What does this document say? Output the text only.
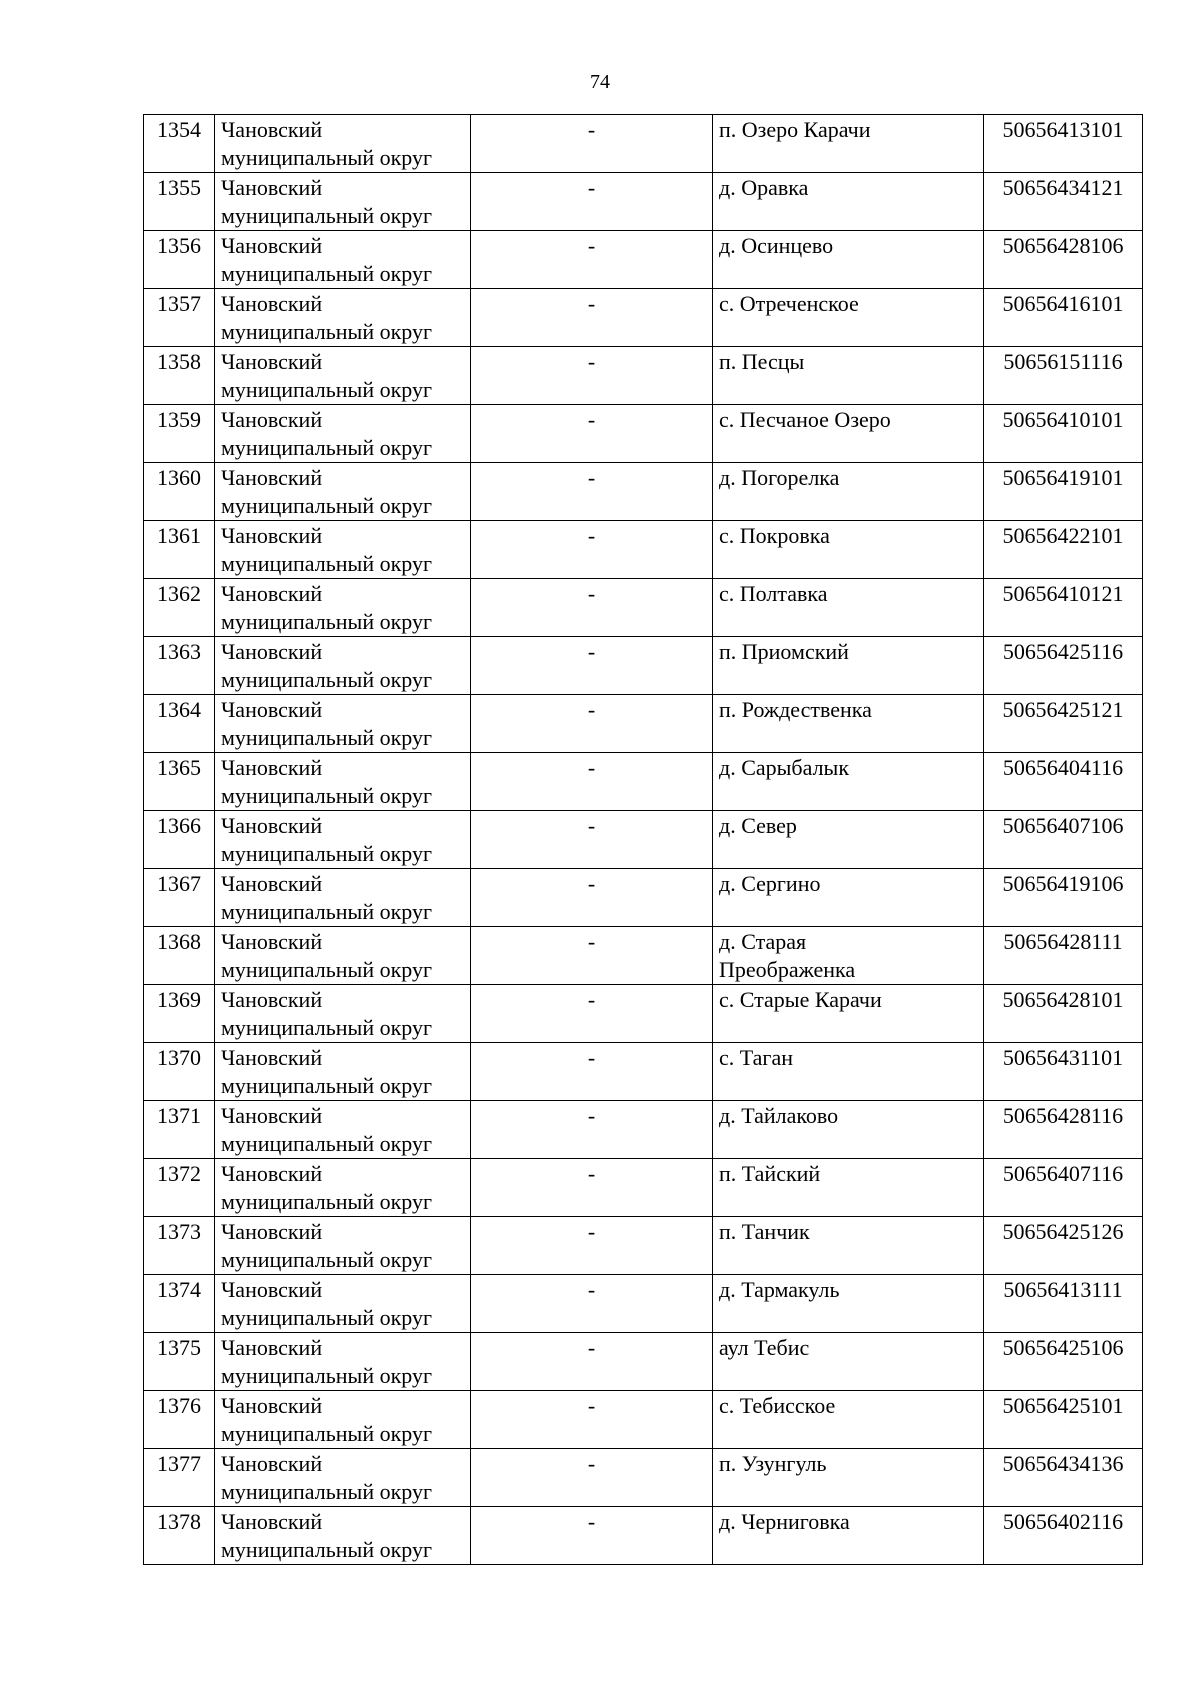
74
1354	Чановский
муниципальный округ	-	п. Озеро Карачи	50656413101
1355	Чановский
муниципальный округ	-	д. Оравка	50656434121
1356	Чановский
муниципальный округ	-	д. Осинцево	50656428106
1357	Чановский
муниципальный округ	-	с. Отреченское	50656416101
1358	Чановский
муниципальный округ	-	п. Песцы	50656151116
1359	Чановский
муниципальный округ	-	с. Песчаное Озеро	50656410101
1360	Чановский
муниципальный округ	-	д. Погорелка	50656419101
1361	Чановский
муниципальный округ	-	с. Покровка	50656422101
1362	Чановский
муниципальный округ	-	с. Полтавка	50656410121
1363	Чановский
муниципальный округ	-	п. Приомский	50656425116
1364	Чановский
муниципальный округ	-	п. Рождественка	50656425121
1365	Чановский
муниципальный округ	-	д. Сарыбалык	50656404116
1366	Чановский
муниципальный округ	-	д. Север	50656407106
1367	Чановский
муниципальный округ	-	д. Сергино	50656419106
1368	Чановский
муниципальный округ	-	д. Старая
Преображенка	50656428111
1369	Чановский
муниципальный округ	-	с. Старые Карачи	50656428101
1370	Чановский
муниципальный округ	-	с. Таган	50656431101
1371	Чановский
муниципальный округ	-	д. Тайлаково	50656428116
1372	Чановский
муниципальный округ	-	п. Тайский	50656407116
1373	Чановский
муниципальный округ	-	п. Танчик	50656425126
1374	Чановский
муниципальный округ	-	д. Тармакуль	50656413111
1375	Чановский
муниципальный округ	-	аул Тебис	50656425106
1376	Чановский
муниципальный округ	-	с. Тебисское	50656425101
1377	Чановский
муниципальный округ	-	п. Узунгуль	50656434136
1378	Чановский
муниципальный округ	-	д. Черниговка	50656402116
